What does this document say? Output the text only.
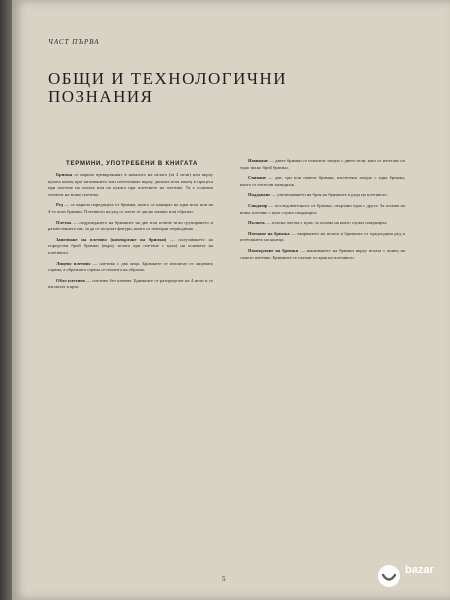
ЧАСТ ПЪРВА
ОБЩИ И ТЕХНОЛОГИЧНИ
ПОЗНАНИЯ
ТЕРМИНИ, УПОТРЕБЕНИ В КНИГАТА

Бримка се нарича превъртяният в началото на иглата (за 2 игли) или върху куката конец при започването или изтегленият върху дясната игла конец в процеса при плетене на иглата или на куката при плетенето на плетиво. Тя е основен елемент на всяко плетиво.

Ред — се нарича поредицата от бримки, които се намират на една игла или на 4-те игли бримки. Плетивото на ред се плете от дясно наляво или обратно.

Плетка — подреждането на бримките на две или повече игли групирането и разместването им, за да се получат фигури, които се повтарят периодично.

Започване на плетиво (нахвърляне на бримки) — получаването на определен брой бримки (върху иглата при плетене с кука) на основата на плетивото.

Лицево плетиво — плетиво с два лица. Бримките се изплитат от лицевата страна, а обратната страна се изплита на обратно.

Обло плетиво — плетиво без шевове. Бримките се разпределят на 4 игли и се изплитат в кръг.

Извиване — двете бримки се изплитат заедно с двете игли, като се изтеглят по едно тяхно брой бримки.

Свиване — две, три или повече бримки, изплетени заедно с една бримка, които се изтеглят наведнъж.

Наддаване — увеличаването на броя на бримките в реда на плетивото.

Синджир — последователност от бримки, свързани една с друга. За основа на всяко плетиво с кука служи синджирът.

Пълнеж — плътна плетка с кука, за основа на която служи синджирът.

Поемане на бримка — вкарването на иглата в бримката от предходния ред и изтеглянето на конеца.

Нахвърляне на бримки — нанизването на бримки върху иглата с конец на самото плетиво. Бримките се поемат от края на плетивото.

5
bazar
